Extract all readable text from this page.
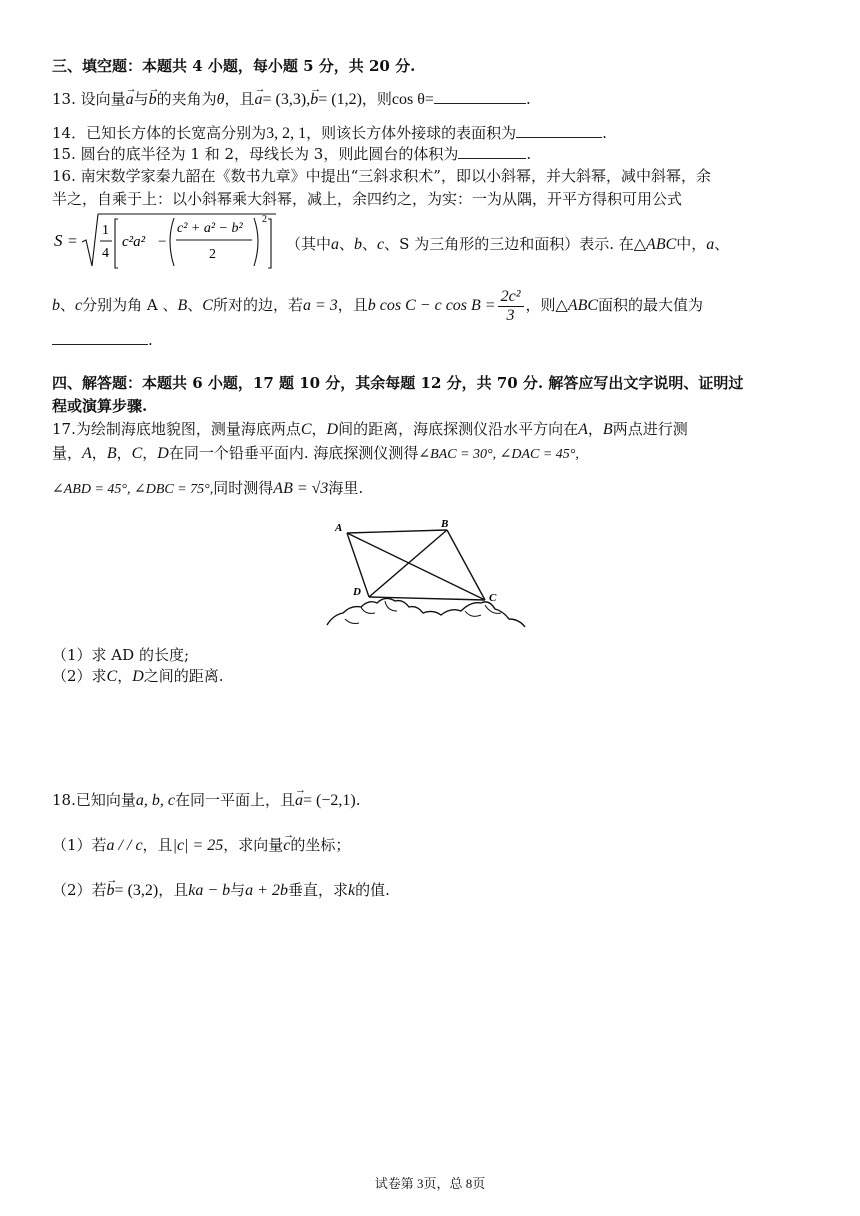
三、填空题：本题共 4 小题，每小题 5 分，共 20 分.
13. 设向量→ a与→ b的夹角为θ，且→ a= (3,3),→ b= (1,2)，则cos θ=	.
14．已知长方体的长宽高分别为3, 2, 1，则该长方体外接球的表面积为	.
15. 圆台的底半径为 1 和 2，母线长为 3，则此圆台的体积为	.
16. 南宋数学家秦九韶在《数书九章》中提出“三斜求积术”，即以小斜幂，并大斜幂，减中斜幂，余
半之，自乘于上：以小斜幂乘大斜幂，减上，余四约之，为实：一为从隅，开平方得积可用公式
S =
1
4
c²a² −
c² + a² − b²
2
2
（其中a、b、c、S 为三角形的三边和面积）表示. 在△ABC中，a、
b、c分别为角 A 、B、C所对的边，若a = 3，且b cos C − c $\cos B = \frac{\text{2c²}}{3}$ ，则△ABC面积的最大值为
.
四、解答题：本题共 6 小题，17 题 10 分，其余每题 12 分，共 70 分. 解答应写出文字说明、证明过
程或演算步骤.
17.为绘制海底地貌图，测量海底两点C，D间的距离，海底探测仪沿水平方向在A，B两点进行测
量，A，B，C，D在同一个铅垂平面内. 海底探测仪测得∠BAC = 30°, ∠DAC = 45°,
∠ABD = 45°, ∠DBC = 75°,同时测得AB = √3海里.
A	B
C
D
（1）求 AD 的长度;
（2）求C，D之间的距离.
18.已知向量a, b, c在同一平面上，且→ a= (−2,1).
（1）若a / / c，且|c| = 25，求向量→ c的坐标；
（2）若→ b= (3,2)，且ka − b与a + 2b垂直，求k的值.
试卷第 3页，总 8页
